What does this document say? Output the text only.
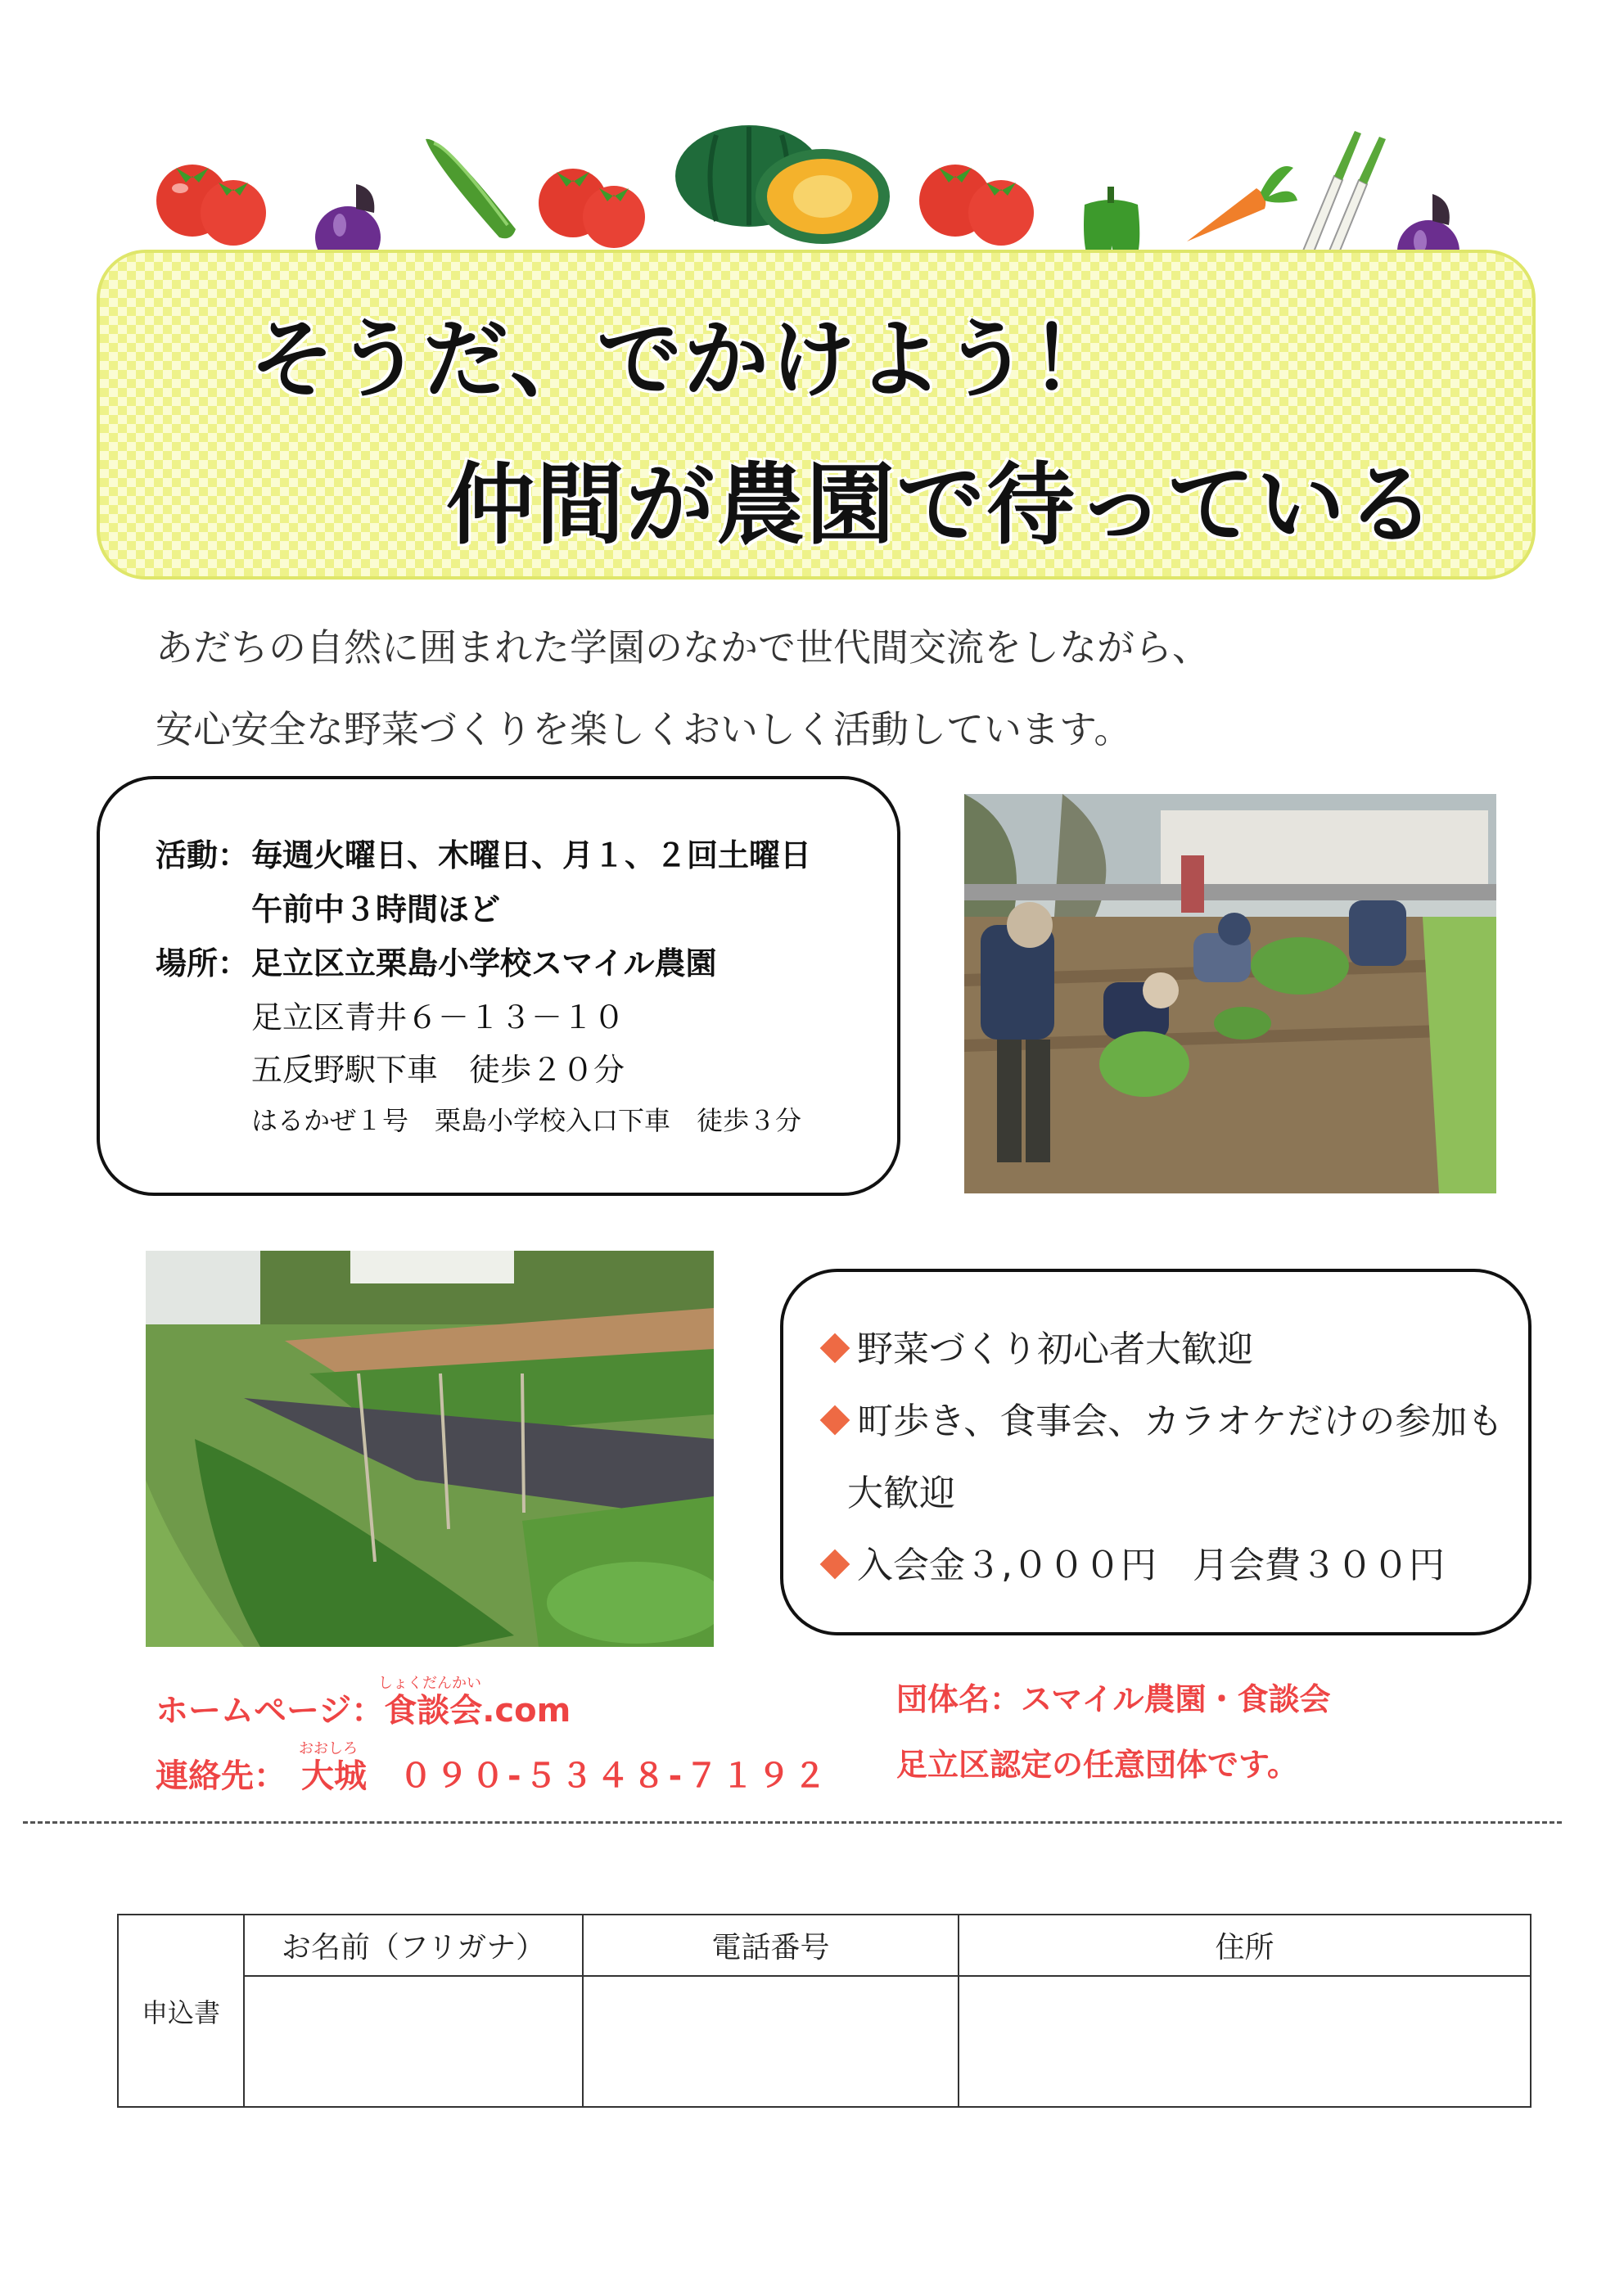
そうだ、でかけよう！
仲間が農園で待っている
あだちの自然に囲まれた学園のなかで世代間交流をしながら、
安心安全な野菜づくりを楽しくおいしく活動しています。
活動： 毎週火曜日、木曜日、月１、２回土曜日
午前中３時間ほど
場所： 足立区立栗島小学校スマイル農園
足立区青井６－１３－１０
五反野駅下車　徒歩２０分
はるかぜ１号　栗島小学校入口下車　徒歩３分
野菜づくり初心者大歓迎
町歩き、食事会、カラオケだけの参加も
大歓迎
入会金３,０００円　月会費３００円
しょくだんかい
ホームページ：食談会.com
おおしろ
連絡先： 大城 ０９０-５３４８-７１９２
団体名：スマイル農園・食談会
足立区認定の任意団体です。
申込書	お名前（フリガナ）	電話番号	住所
